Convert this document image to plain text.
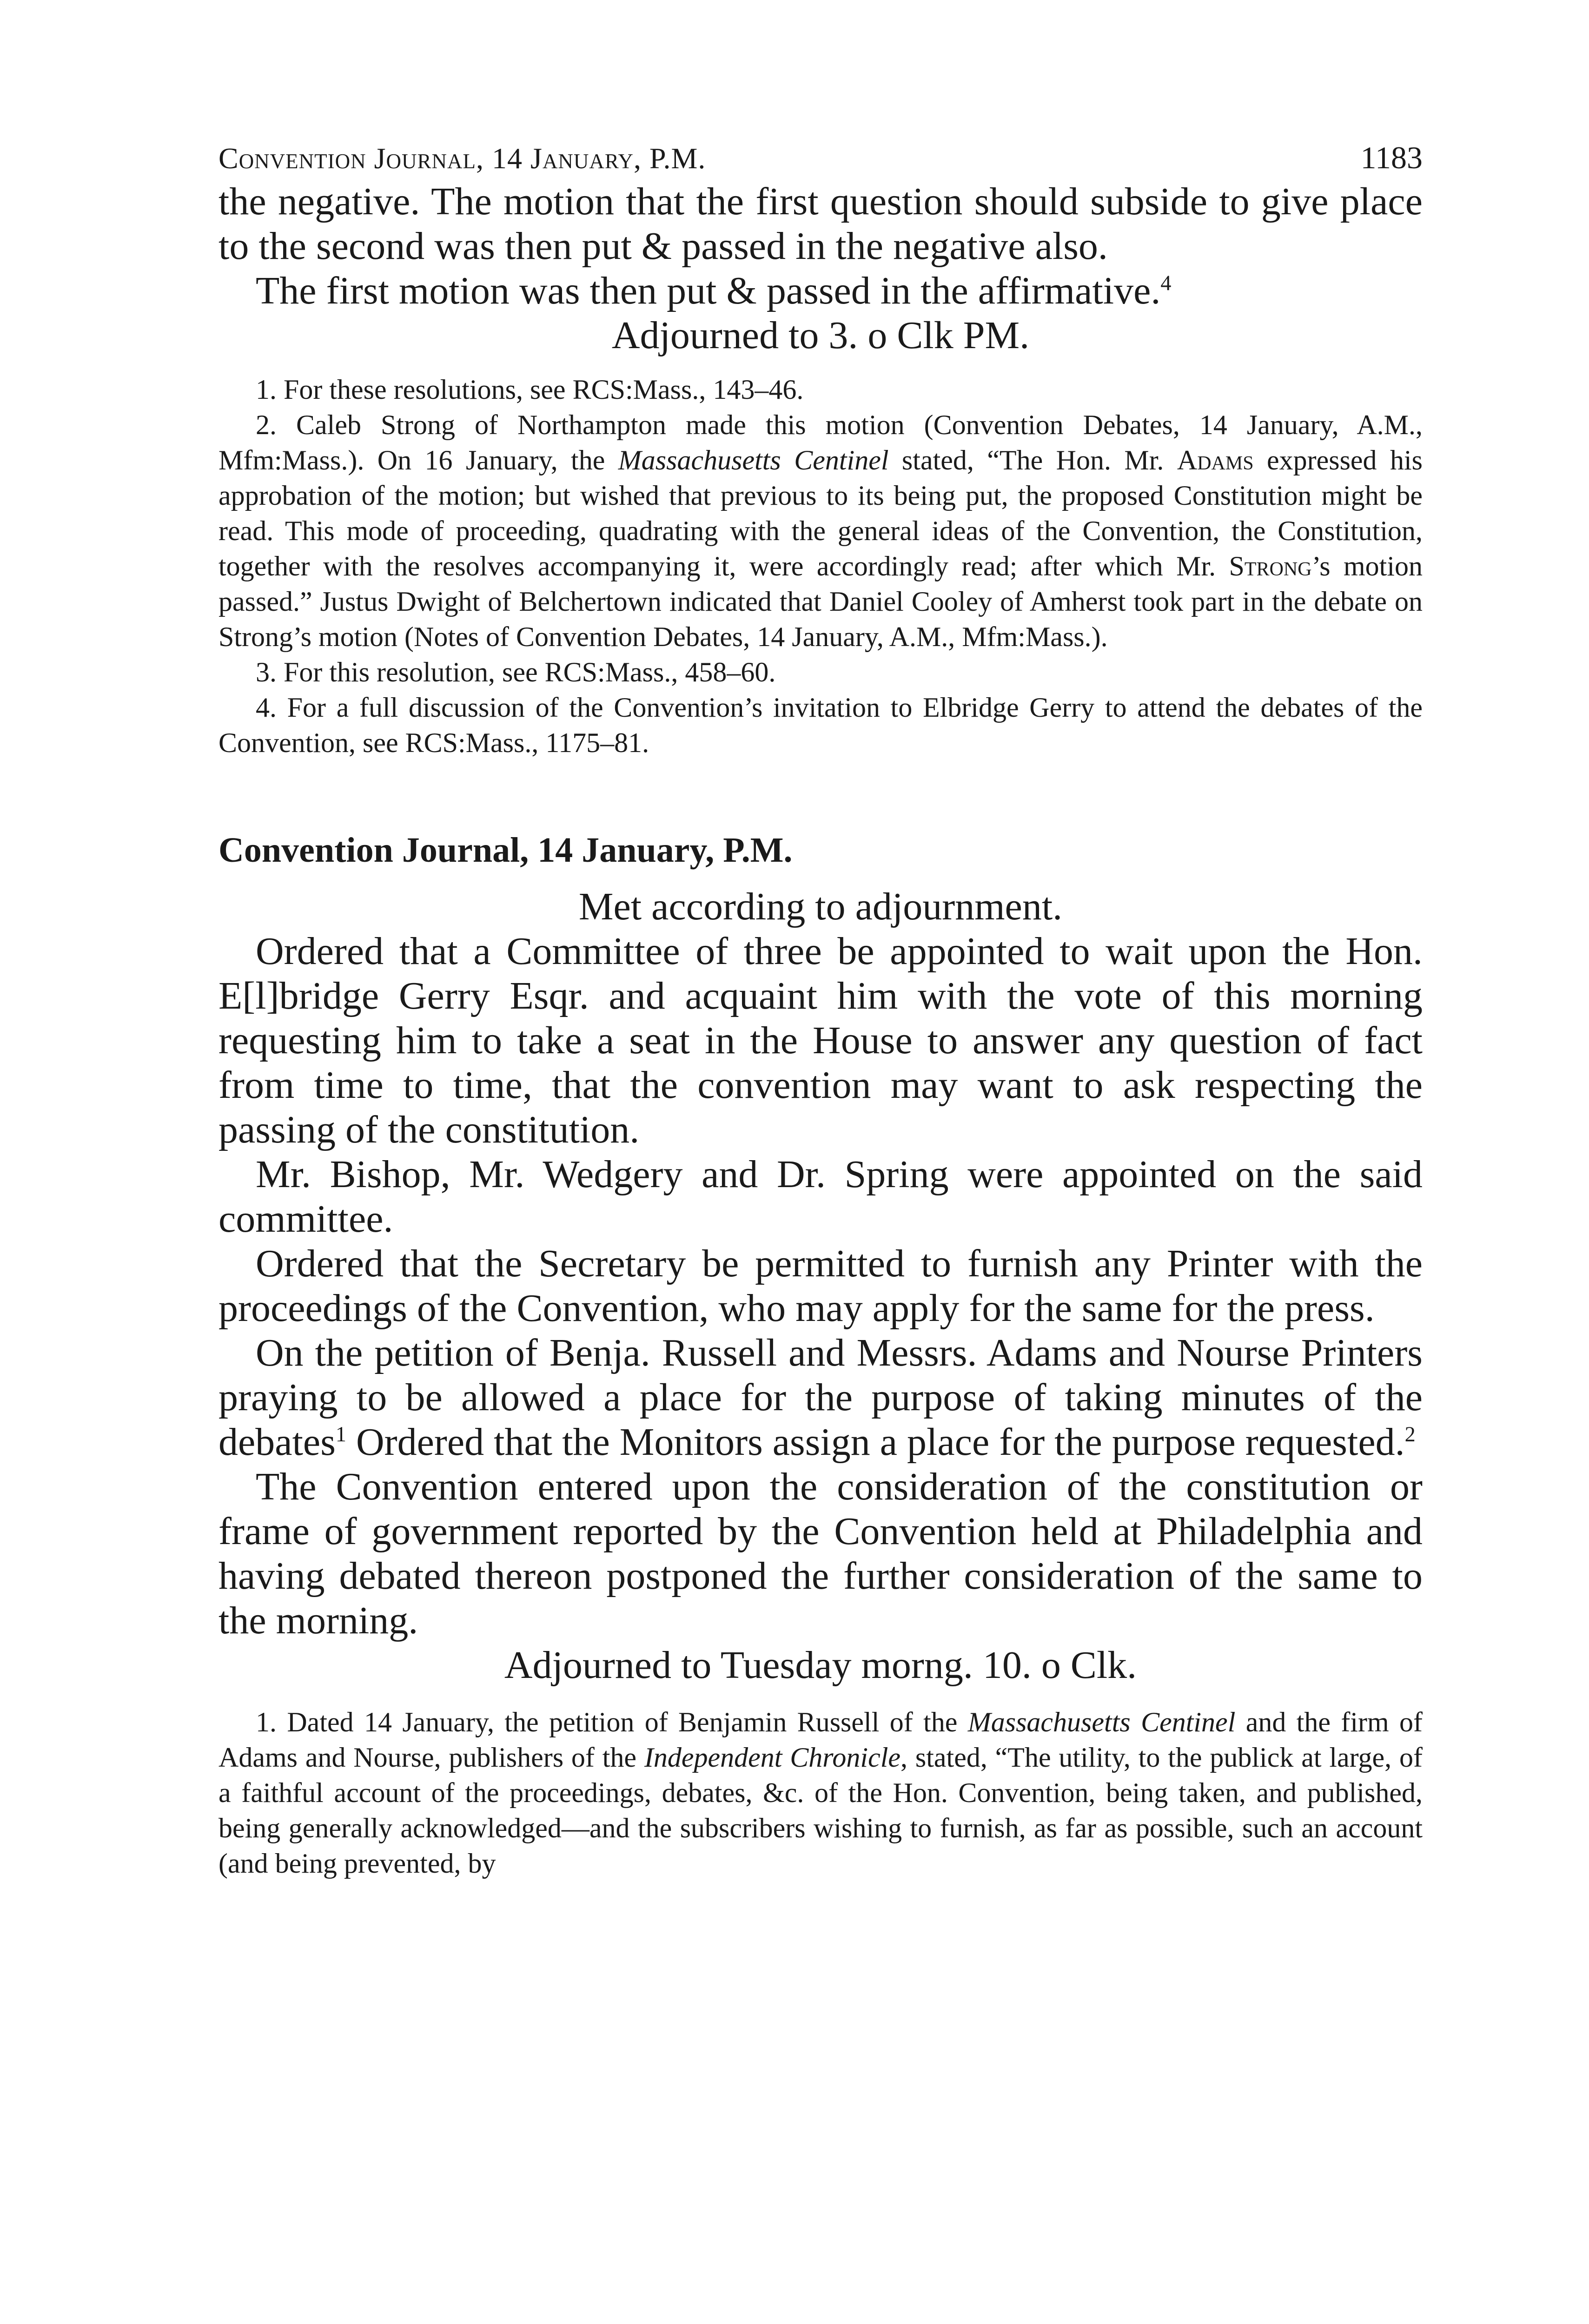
Convention Journal, 14 January, P.M.	1183

the negative. The motion that the first question should subside to give place to the second was then put & passed in the negative also.

The first motion was then put & passed in the affirmative.$^4$

Adjourned to 3. o Clk PM.

1. For these resolutions, see RCS:Mass., 143–46.

2. Caleb Strong of Northampton made this motion (Convention Debates, 14 January, A.M., Mfm:Mass.). On 16 January, the Massachusetts Centinel stated, “The Hon. Mr. Adams expressed his approbation of the motion; but wished that previous to its being put, the proposed Constitution might be read. This mode of proceeding, quadrating with the general ideas of the Convention, the Constitution, together with the resolves accompanying it, were accordingly read; after which Mr. Strong’s motion passed.” Justus Dwight of Belchertown indicated that Daniel Cooley of Amherst took part in the debate on Strong’s motion (Notes of Convention Debates, 14 January, A.M., Mfm:Mass.).

3. For this resolution, see RCS:Mass., 458–60.

4. For a full discussion of the Convention’s invitation to Elbridge Gerry to attend the debates of the Convention, see RCS:Mass., 1175–81.

Convention Journal, 14 January, P.M.

Met according to adjournment.

Ordered that a Committee of three be appointed to wait upon the Hon. E[l]bridge Gerry Esqr. and acquaint him with the vote of this morning requesting him to take a seat in the House to answer any question of fact from time to time, that the convention may want to ask respecting the passing of the constitution.

Mr. Bishop, Mr. Wedgery and Dr. Spring were appointed on the said committee.

Ordered that the Secretary be permitted to furnish any Printer with the proceedings of the Convention, who may apply for the same for the press.

On the petition of Benja. Russell and Messrs. Adams and Nourse Printers praying to be allowed a place for the purpose of taking minutes of the debates$^1$ Ordered that the Monitors assign a place for the purpose requested.$^2$

The Convention entered upon the consideration of the constitution or frame of government reported by the Convention held at Philadelphia and having debated thereon postponed the further consideration of the same to the morning.

Adjourned to Tuesday morng. 10. o Clk.

1. Dated 14 January, the petition of Benjamin Russell of the Massachusetts Centinel and the firm of Adams and Nourse, publishers of the Independent Chronicle, stated, “The utility, to the publick at large, of a faithful account of the proceedings, debates, &c. of the Hon. Convention, being taken, and published, being generally acknowledged—and the subscribers wishing to furnish, as far as possible, such an account (and being prevented, by
